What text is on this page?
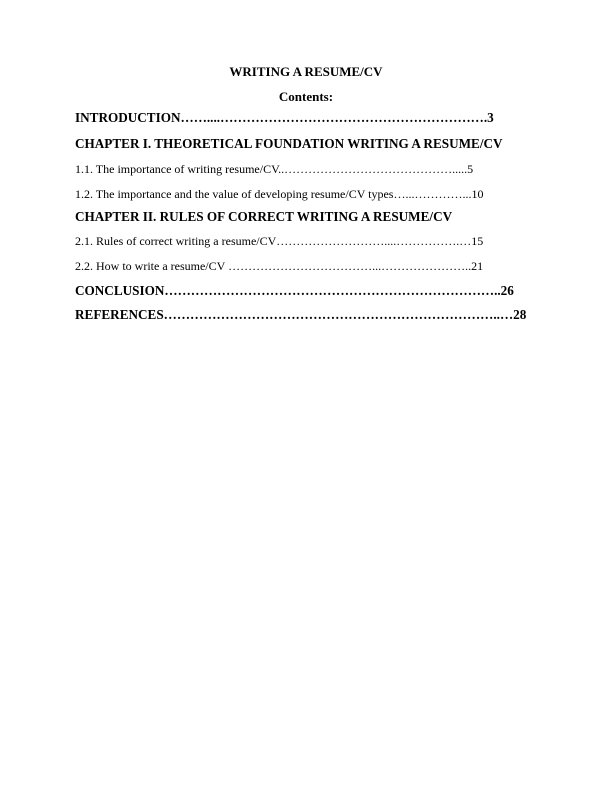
WRITING A RESUME/CV
Contents:
INTRODUCTION……....…………………………………………………….3
CHAPTER I. THEORETICAL FOUNDATION WRITING A RESUME/CV
1.1. The importance of writing resume/CV..…………………………………….....5
1.2. The importance and the value of developing resume/CV types…...…………...10
CHAPTER II. RULES OF CORRECT WRITING A RESUME/CV
2.1. Rules of correct writing a resume/CV………………………....…………….…15
2.2. How to write a resume/CV ………………………………...…………………..21
CONCLUSION…………………………………………………………………..26
REFERENCES…………………………………………………………………..…28
